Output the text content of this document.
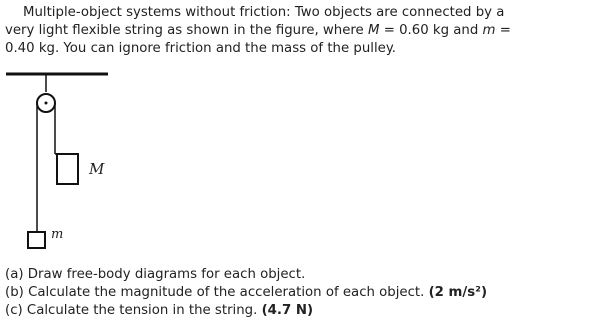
Multiple-object systems without friction: Two objects are connected by a
very light flexible string as shown in the figure, where M = 0.60 kg and m =
0.40 kg. You can ignore friction and the mass of the pulley.
M
m
(a) Draw free-body diagrams for each object.
(b) Calculate the magnitude of the acceleration of each object. (2 m/s²)
(c) Calculate the tension in the string. (4.7 N)
